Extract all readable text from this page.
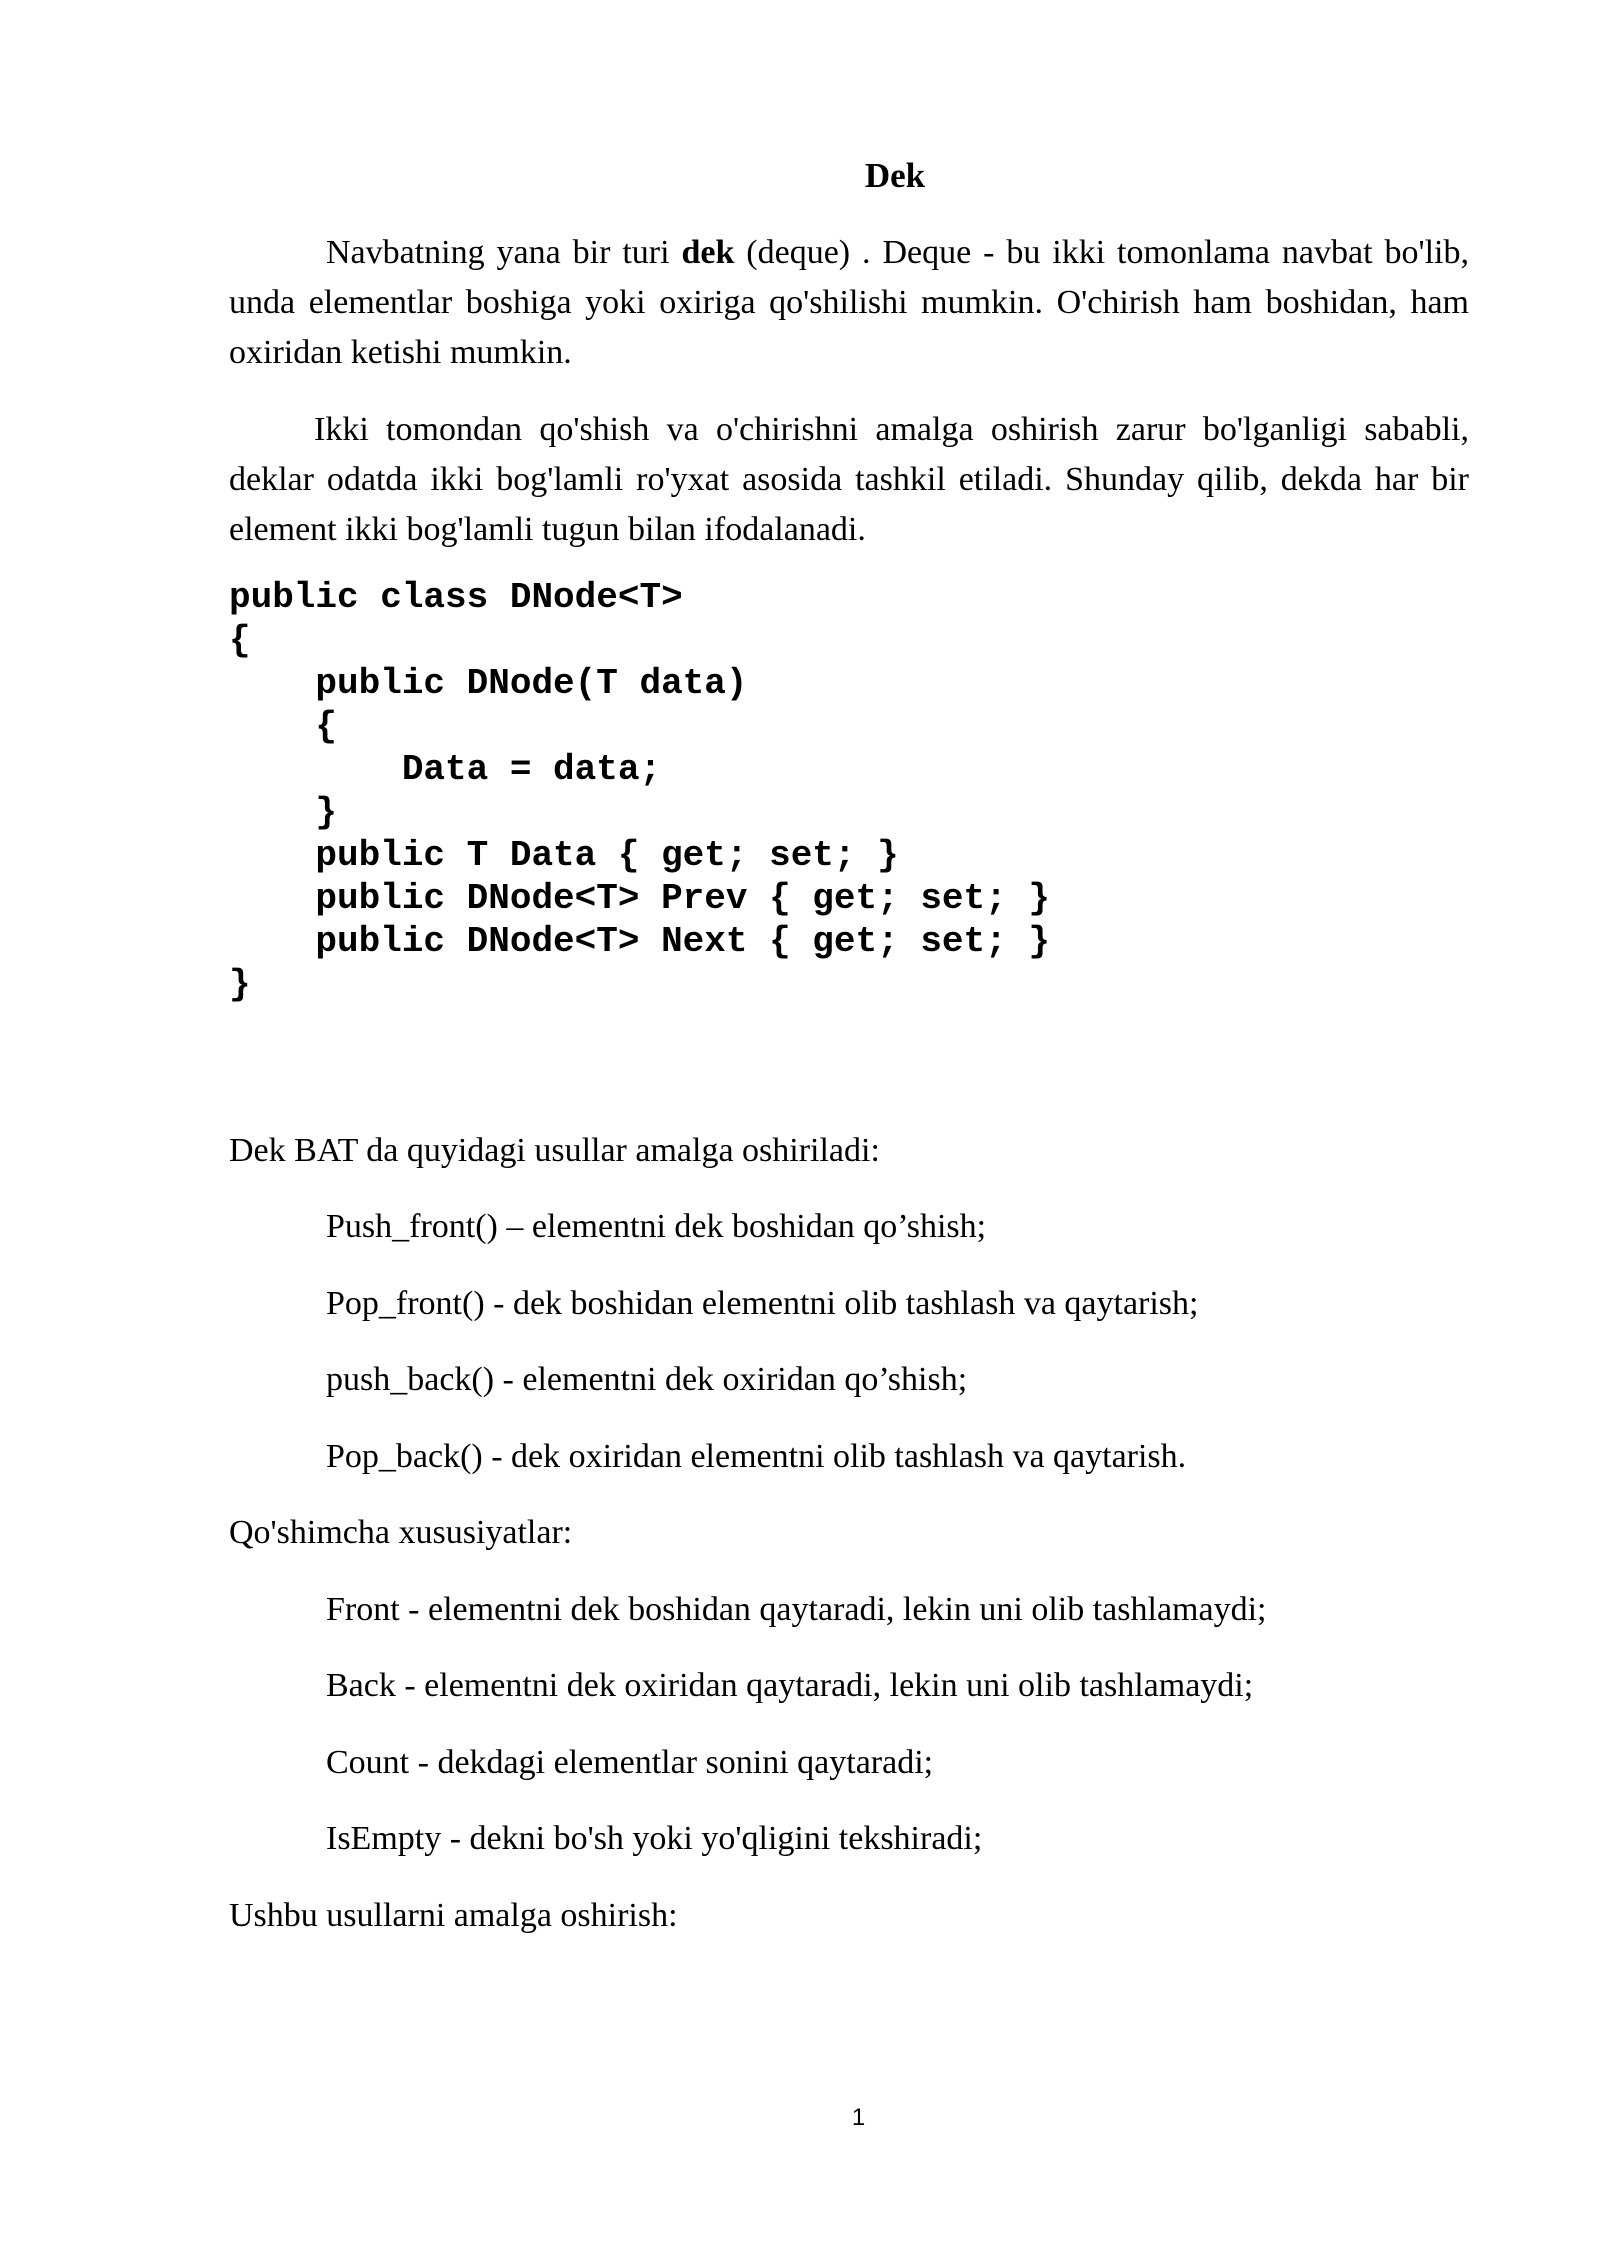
Dek

Navbatning yana bir turi dek (deque) . Deque - bu ikki tomonlama navbat bo'lib, unda elementlar boshiga yoki oxiriga qo'shilishi mumkin. O'chirish ham boshidan, ham oxiridan ketishi mumkin.

Ikki tomondan qo'shish va o'chirishni amalga oshirish zarur bo'lganligi sababli, deklar odatda ikki bog'lamli ro'yxat asosida tashkil etiladi. Shunday qilib, dekda har bir element ikki bog'lamli tugun bilan ifodalanadi.

public class DNode<T>
{
public DNode(T data)
{
Data = data;
}
public T Data { get; set; }
public DNode<T> Prev { get; set; }
public DNode<T> Next { get; set; }
}
Dek BAT da quyidagi usullar amalga oshiriladi:
Push_front() – elementni dek boshidan qo’shish;
Pop_front() - dek boshidan elementni olib tashlash va qaytarish;
push_back() - elementni dek oxiridan qo’shish;
Pop_back() - dek oxiridan elementni olib tashlash va qaytarish.
Qo'shimcha xususiyatlar:
Front - elementni dek boshidan qaytaradi, lekin uni olib tashlamaydi;
Back - elementni dek oxiridan qaytaradi, lekin uni olib tashlamaydi;
Count - dekdagi elementlar sonini qaytaradi;
IsEmpty - dekni bo'sh yoki yo'qligini tekshiradi;
Ushbu usullarni amalga oshirish:
1
